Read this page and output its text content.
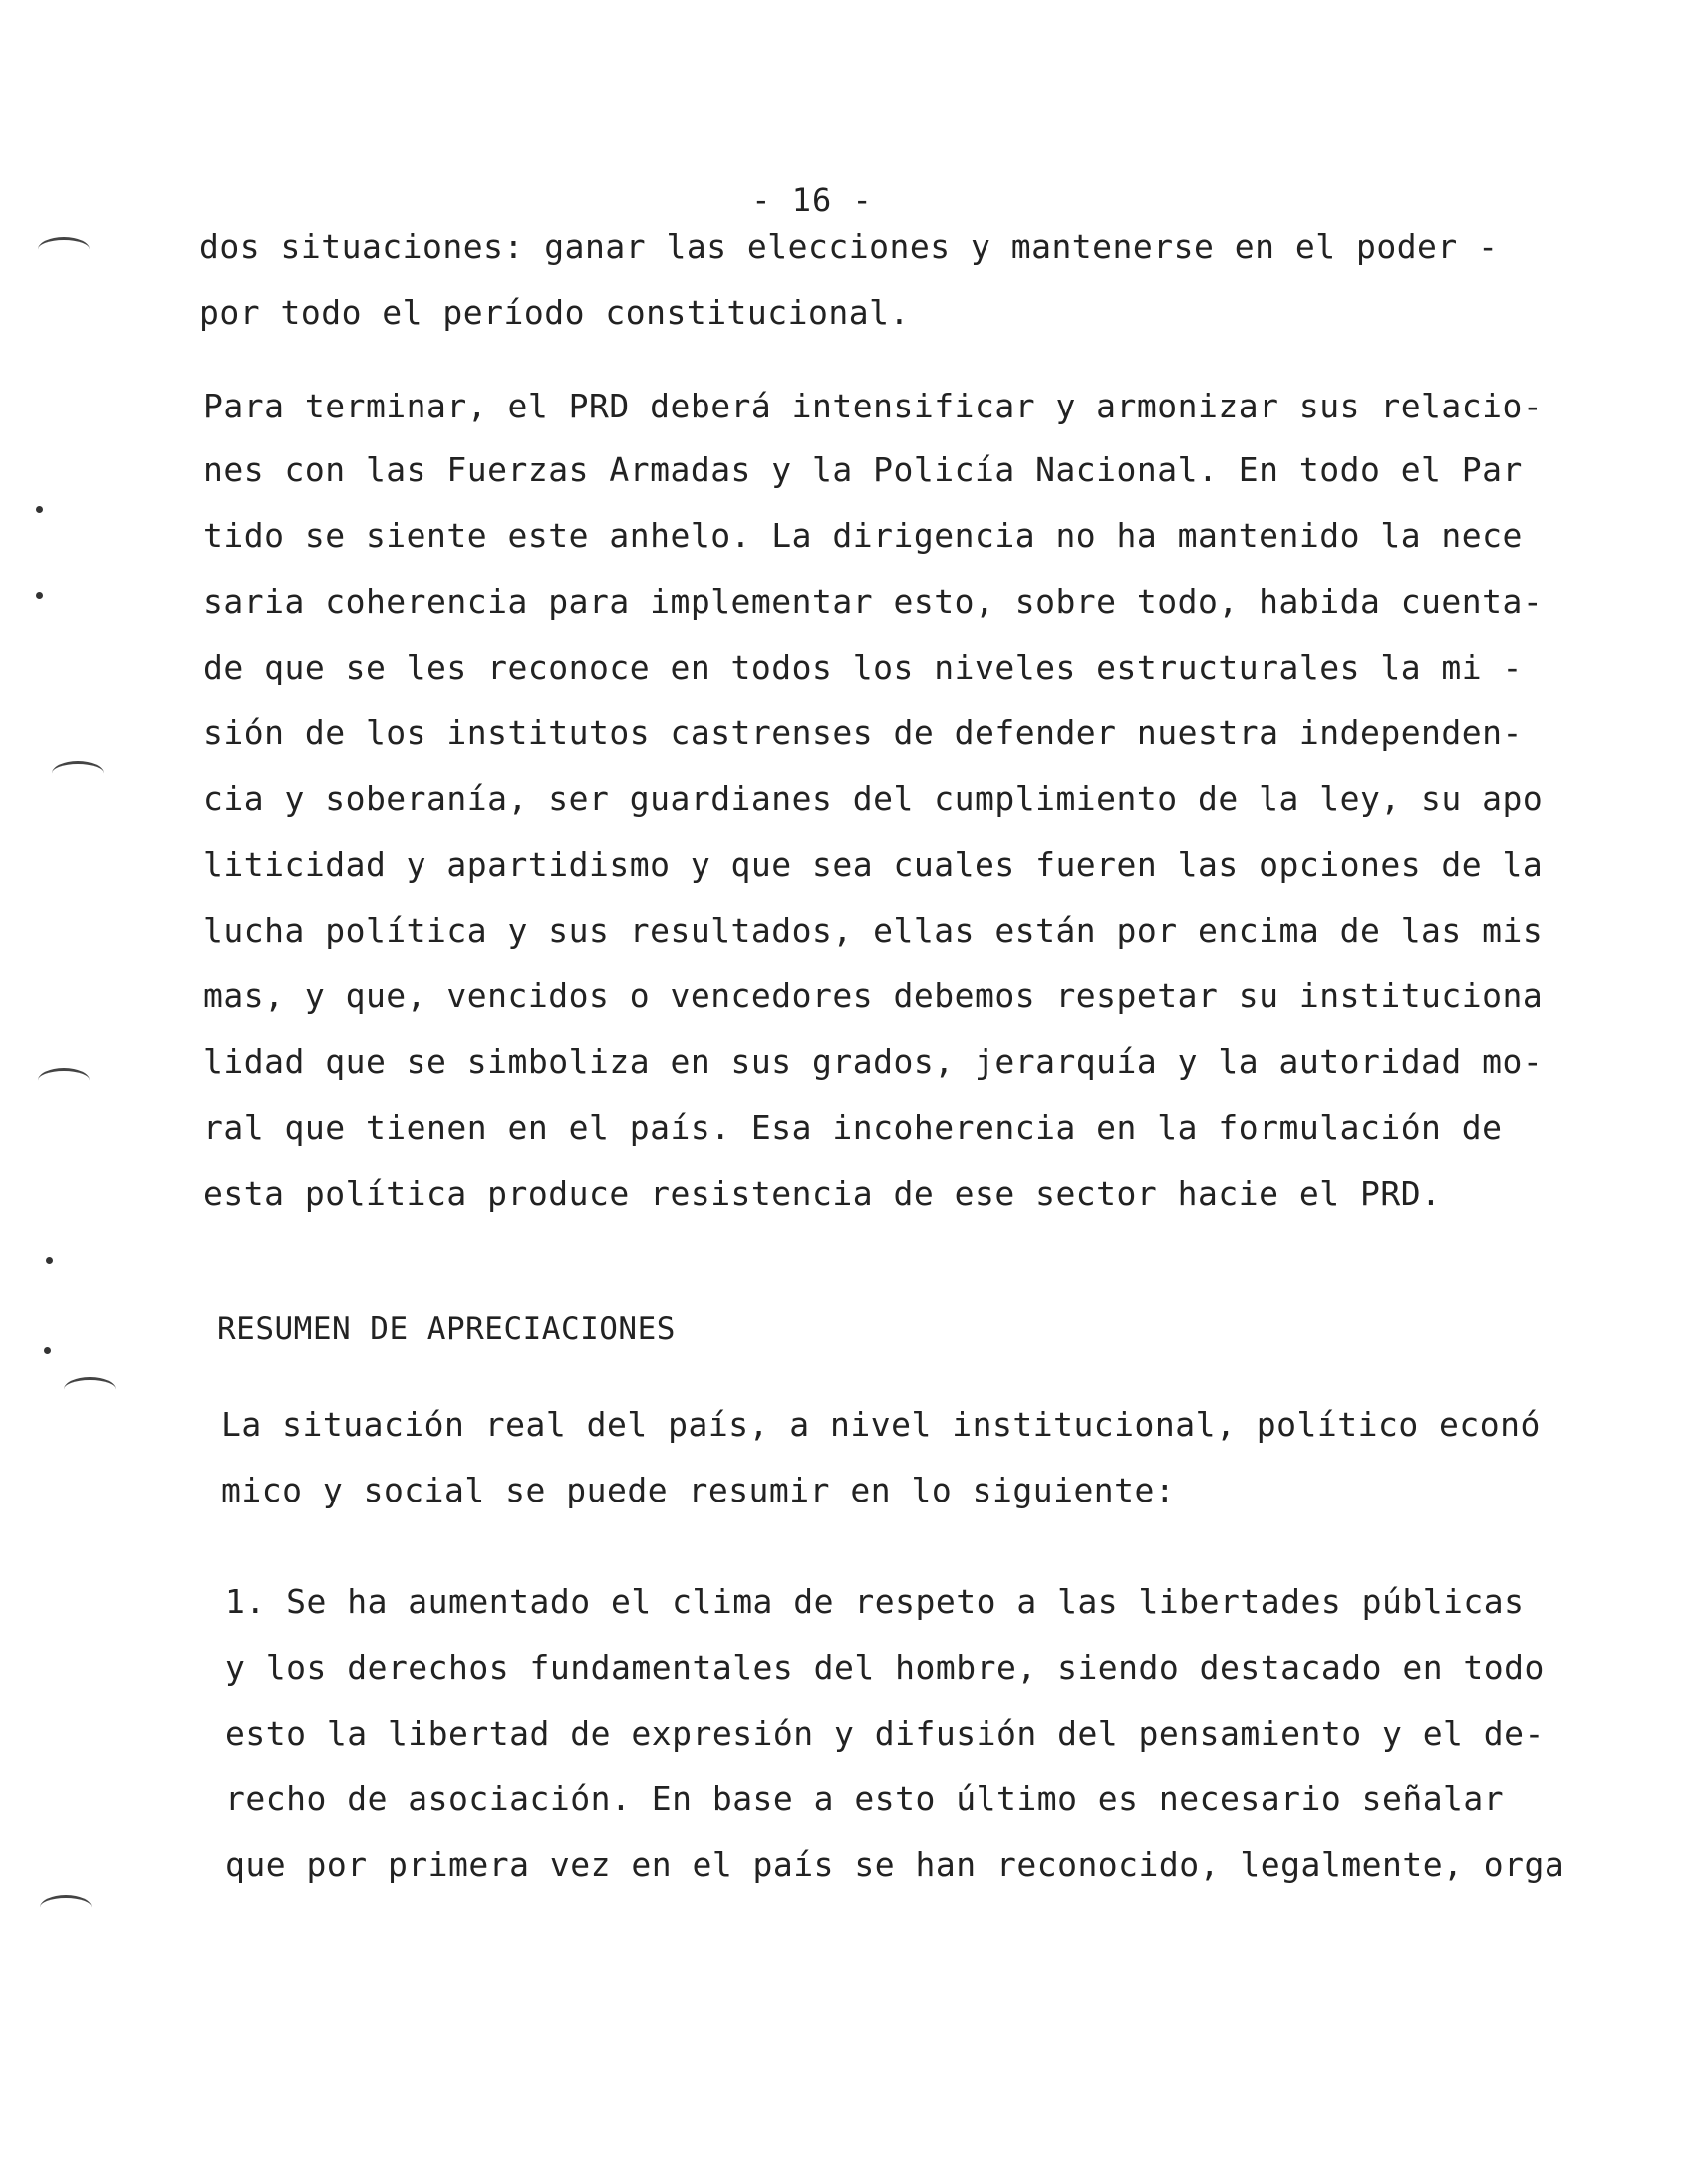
- 16 -
dos situaciones: ganar las elecciones y mantenerse en el poder -
por todo el período constitucional.
Para terminar, el PRD deberá intensificar y armonizar sus relacio-
nes con las Fuerzas Armadas y la Policía Nacional. En todo el Par
tido se siente este anhelo. La dirigencia no ha mantenido la nece
saria coherencia para implementar esto, sobre todo, habida cuenta-
de que se les reconoce en todos los niveles estructurales la mi -
sión de los institutos castrenses de defender nuestra independen-
cia y soberanía, ser guardianes del cumplimiento de la ley, su apo
liticidad y apartidismo y que sea cuales fueren las opciones de la
lucha política y sus resultados, ellas están por encima de las mis
mas, y que, vencidos o vencedores debemos respetar su instituciona
lidad que se simboliza en sus grados, jerarquía y la autoridad mo-
ral que tienen en el país. Esa incoherencia en la formulación de
esta política produce resistencia de ese sector hacie el PRD.
RESUMEN DE APRECIACIONES
La situación real del país, a nivel institucional, político econó
mico y social se puede resumir en lo siguiente:
1. Se ha aumentado el clima de respeto a las libertades públicas
y los derechos fundamentales del hombre, siendo destacado en todo
esto la libertad de expresión y difusión del pensamiento y el de-
recho de asociación. En base a esto último es necesario señalar
que por primera vez en el país se han reconocido, legalmente, orga
